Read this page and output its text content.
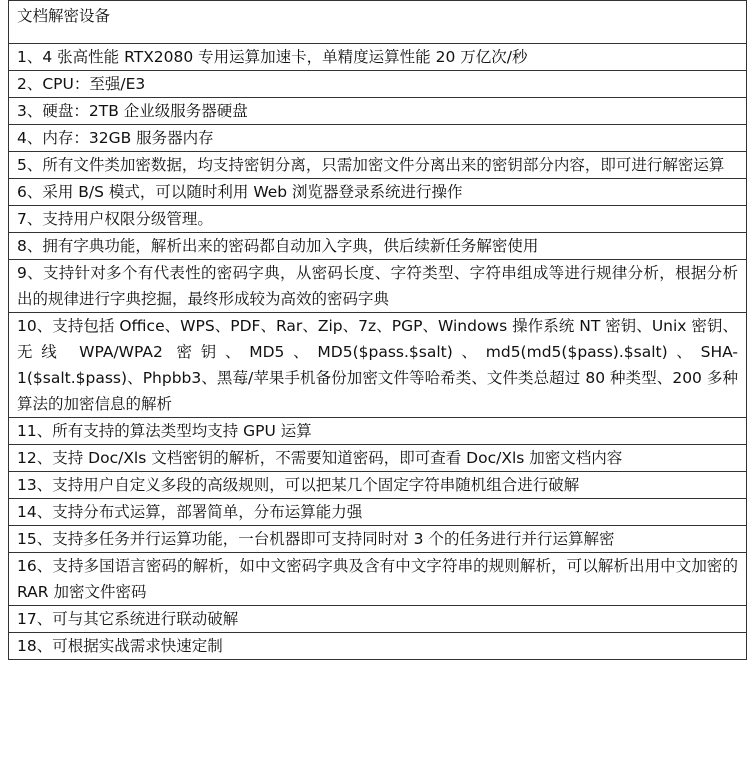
文档解密设备

1、4 张高性能 RTX2080 专用运算加速卡，单精度运算性能 20 万亿次/秒

2、CPU：至强/E3

3、硬盘：2TB 企业级服务器硬盘

4、内存：32GB 服务器内存

5、所有文件类加密数据，均支持密钥分离，只需加密文件分离出来的密钥部分内容，即可进行解密运算

6、采用 B/S 模式，可以随时利用 Web 浏览器登录系统进行操作

7、支持用户权限分级管理。

8、拥有字典功能，解析出来的密码都自动加入字典，供后续新任务解密使用

9、支持针对多个有代表性的密码字典，从密码长度、字符类型、字符串组成等进行规律分析，根据分析出的规律进行字典挖掘，最终形成较为高效的密码字典

10、支持包括 Office、WPS、PDF、Rar、Zip、7z、PGP、Windows 操作系统 NT 密钥、Unix 密钥、无线 WPA/WPA2 密钥、MD5、MD5($pass.$salt)、md5(md5($pass).$salt)、SHA-1($salt.$pass)、Phpbb3、黑莓/苹果手机备份加密文件等哈希类、文件类总超过 80 种类型、200 多种算法的加密信息的解析

11、所有支持的算法类型均支持 GPU 运算

12、支持 Doc/Xls 文档密钥的解析，不需要知道密码，即可查看 Doc/Xls 加密文档内容

13、支持用户自定义多段的高级规则，可以把某几个固定字符串随机组合进行破解

14、支持分布式运算，部署简单，分布运算能力强

15、支持多任务并行运算功能，一台机器即可支持同时对 3 个的任务进行并行运算解密

16、支持多国语言密码的解析，如中文密码字典及含有中文字符串的规则解析，可以解析出用中文加密的 RAR 加密文件密码

17、可与其它系统进行联动破解

18、可根据实战需求快速定制
